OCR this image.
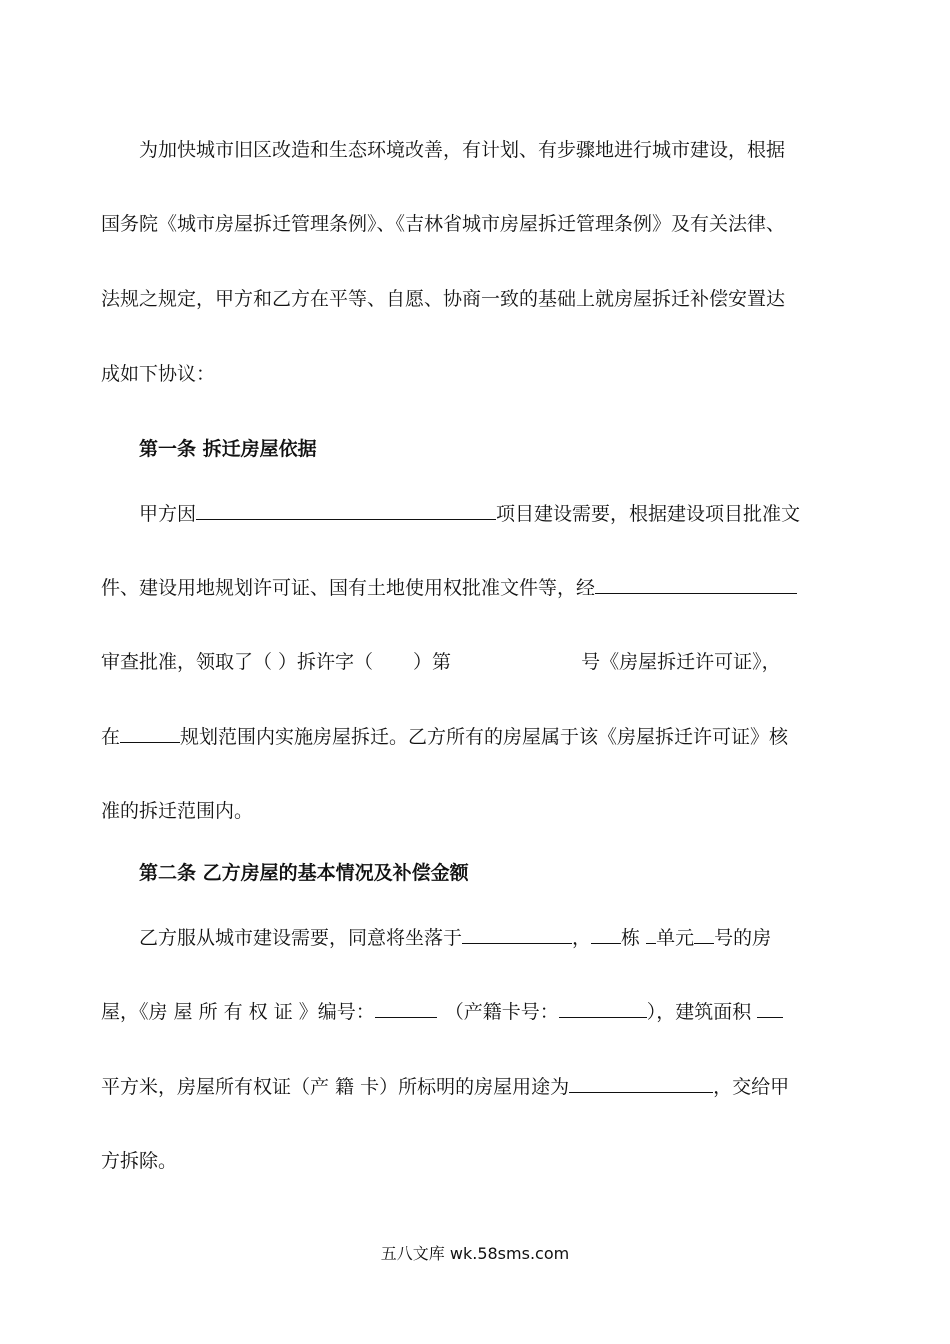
为加快城市旧区改造和生态环境改善，有计划、有步骤地进行城市建设，根据
国务院《城市房屋拆迁管理条例》、《吉林省城市房屋拆迁管理条例》及有关法律、
法规之规定，甲方和乙方在平等、自愿、协商一致的基础上就房屋拆迁补偿安置达
成如下协议：
第一条 拆迁房屋依据
甲方因	项目建设需要，根据建设项目批准文
件、建设用地规划许可证、国有土地使用权批准文件等，经
审查批准，领取了（ ）拆许字（ ）第	号《房屋拆迁许可证》，
在	规划范围内实施房屋拆迁。乙方所有的房屋属于该《房屋拆迁许可证》核
准的拆迁范围内。
第二条 乙方房屋的基本情况及补偿金额
乙方服从城市建设需要，同意将坐落于	， 栋 单元 号的房
屋，《房 屋 所 有 权 证 》编号：	（产籍卡号：	），建筑面积
平方米，房屋所有权证（产 籍 卡）所标明的房屋用途为	，交给甲
方拆除。
五八文库 wk.58sms.com
